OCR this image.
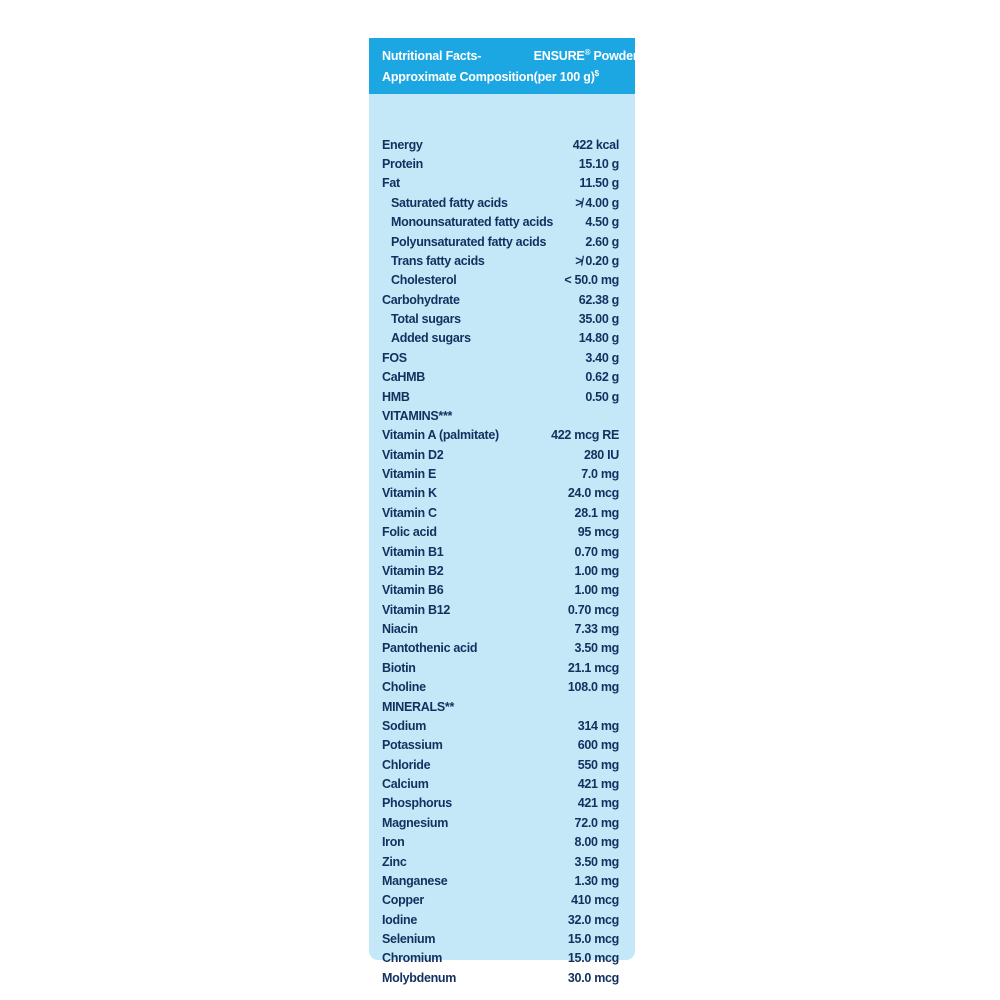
Nutritional Facts-
Approximate Composition
ENSURE® Powder
(per 100 g)$
Energy	422 kcal
Protein	15.10 g
Fat	11.50 g
Saturated fatty acids	≯ 4.00 g
Monounsaturated fatty acids	4.50 g
Polyunsaturated fatty acids	2.60 g
Trans fatty acids	≯ 0.20 g
Cholesterol	< 50.0 mg
Carbohydrate	62.38 g
Total sugars	35.00 g
Added sugars	14.80 g
FOS	3.40 g
CaHMB	0.62 g
HMB	0.50 g
VITAMINS***
Vitamin A (palmitate)	422 mcg RE
Vitamin D2	280 IU
Vitamin E	7.0 mg
Vitamin K	24.0 mcg
Vitamin C	28.1 mg
Folic acid	95 mcg
Vitamin B1	0.70 mg
Vitamin B2	1.00 mg
Vitamin B6	1.00 mg
Vitamin B12	0.70 mcg
Niacin	7.33 mg
Pantothenic acid	3.50 mg
Biotin	21.1 mcg
Choline	108.0 mg
MINERALS**
Sodium	314 mg
Potassium	600 mg
Chloride	550 mg
Calcium	421 mg
Phosphorus	421 mg
Magnesium	72.0 mg
Iron	8.00 mg
Zinc	3.50 mg
Manganese	1.30 mg
Copper	410 mcg
Iodine	32.0 mcg
Selenium	15.0 mcg
Chromium	15.0 mcg
Molybdenum	30.0 mcg
